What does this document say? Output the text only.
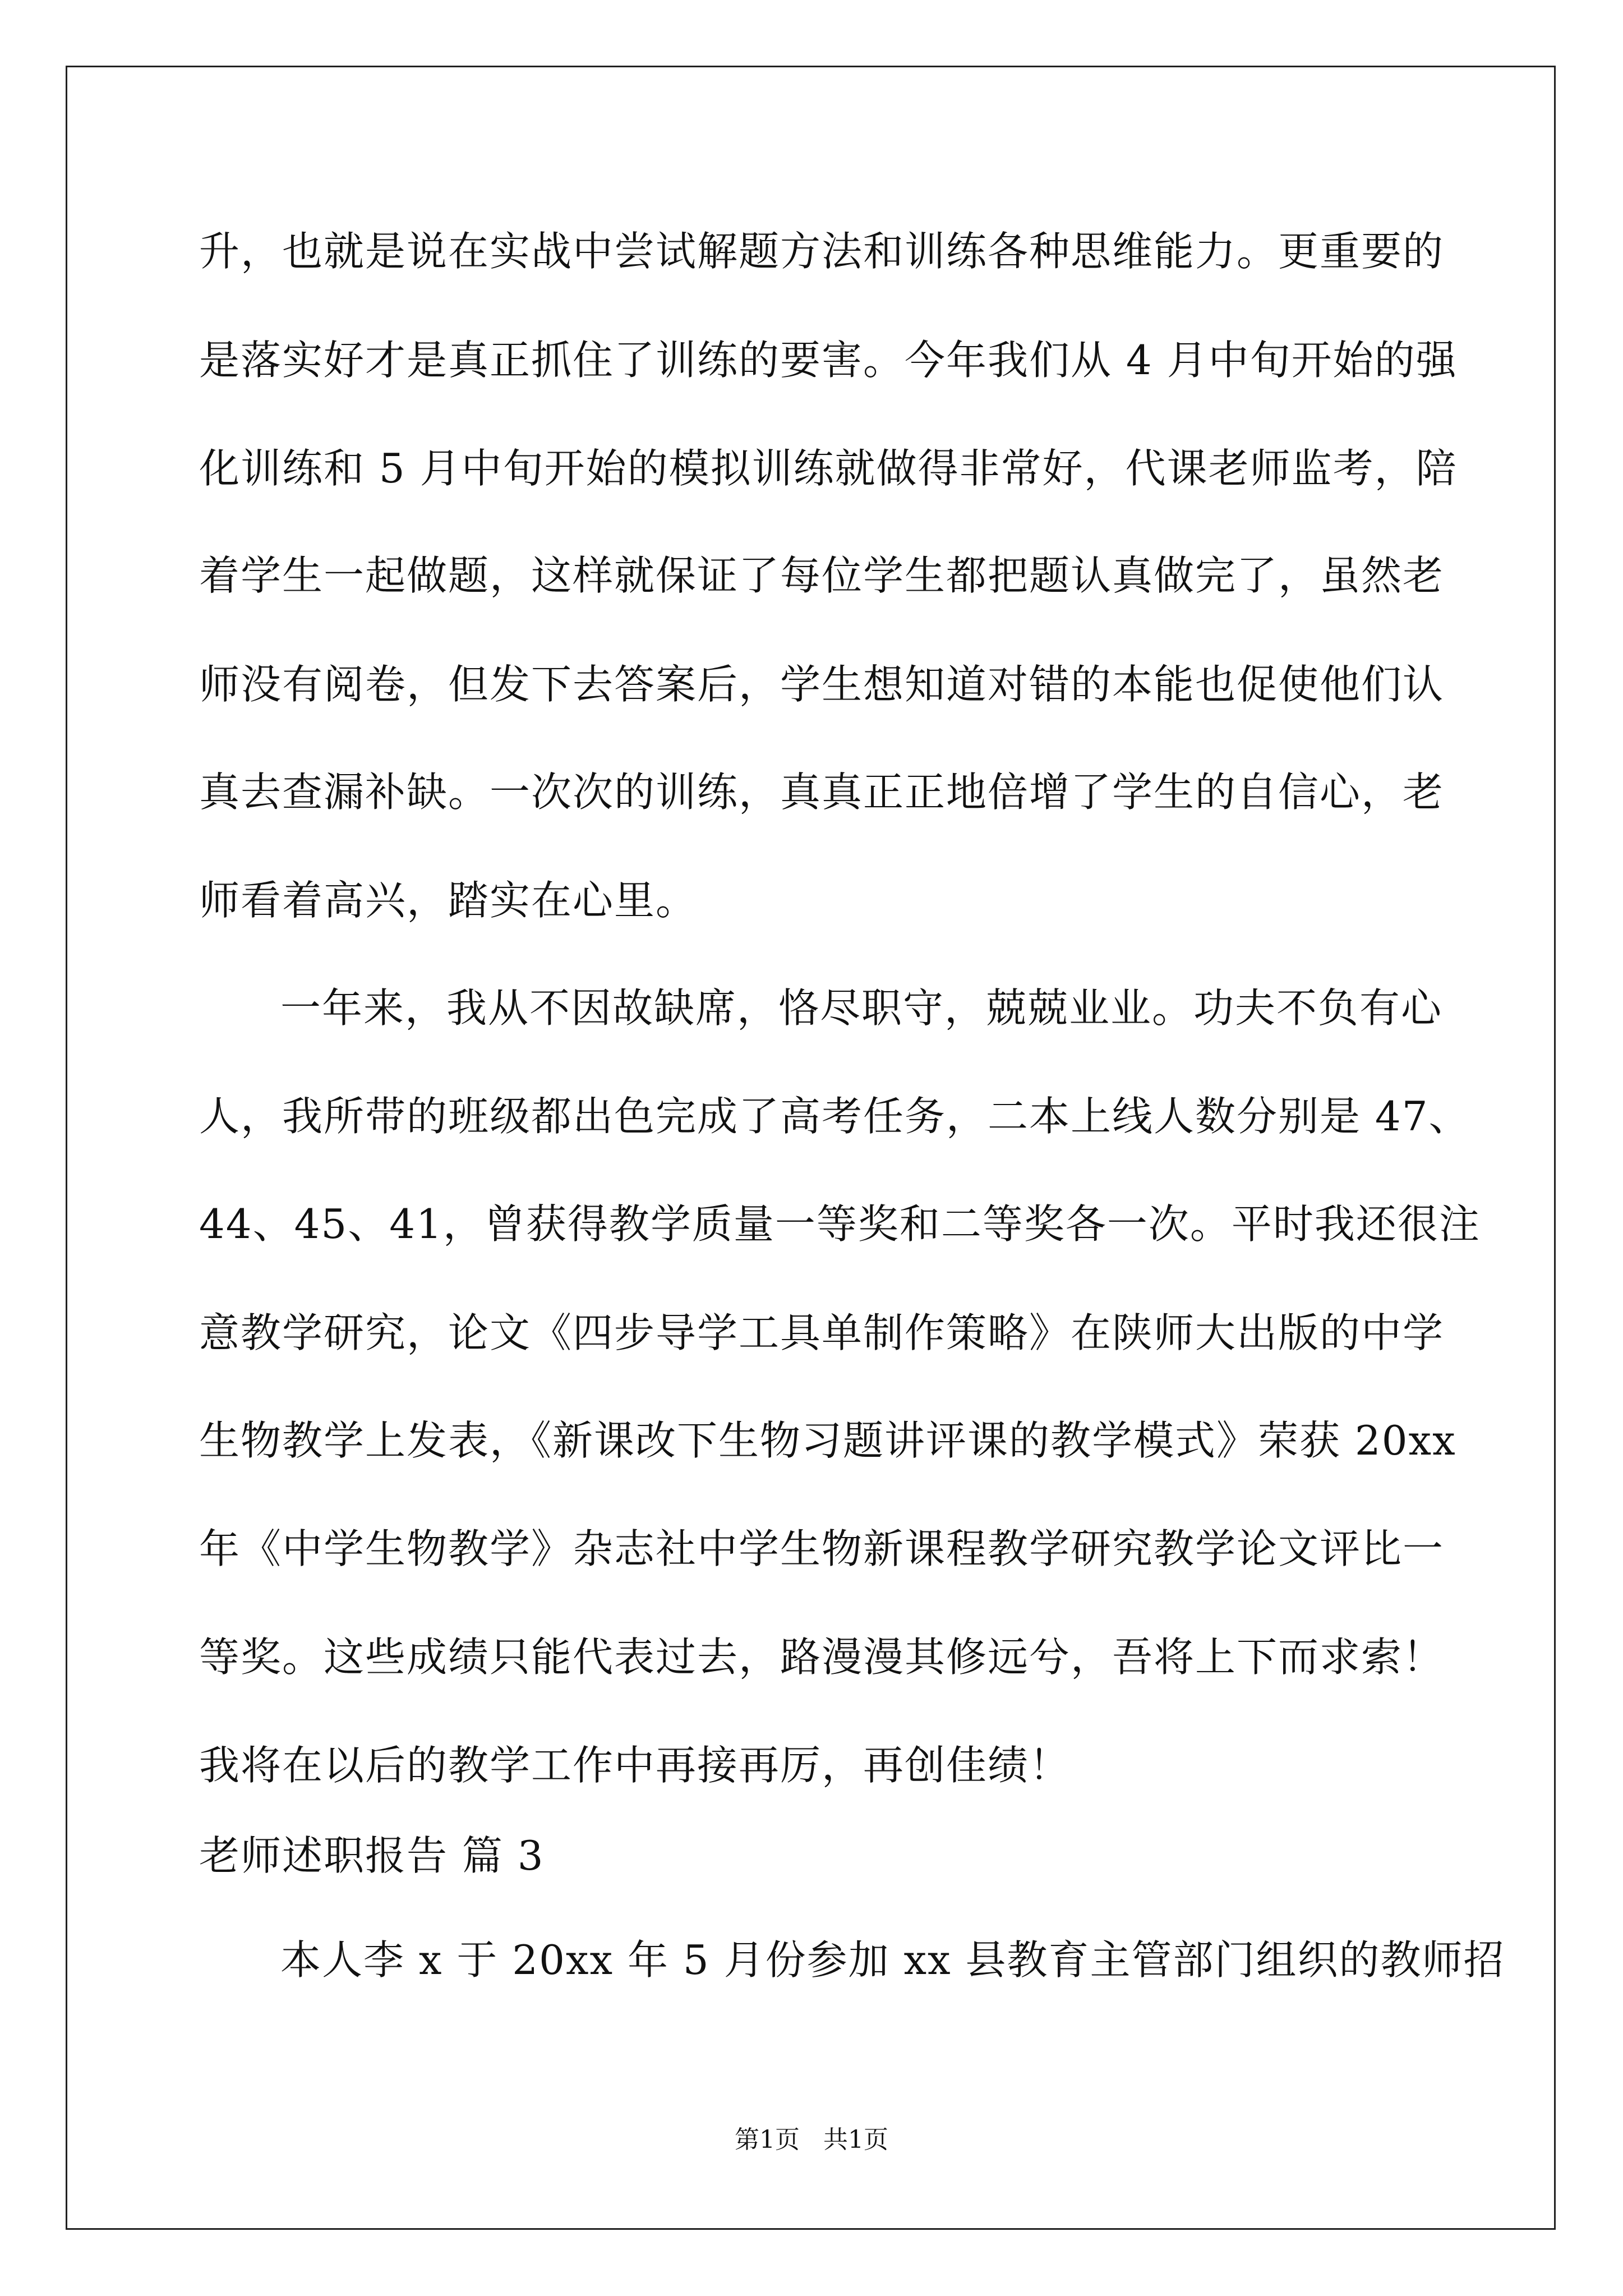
升，也就是说在实战中尝试解题方法和训练各种思维能力。更重要的
是落实好才是真正抓住了训练的要害。今年我们从 4 月中旬开始的强
化训练和 5 月中旬开始的模拟训练就做得非常好，代课老师监考，陪
着学生一起做题，这样就保证了每位学生都把题认真做完了，虽然老
师没有阅卷，但发下去答案后，学生想知道对错的本能也促使他们认
真去查漏补缺。一次次的训练，真真正正地倍增了学生的自信心，老
师看着高兴，踏实在心里。
一年来，我从不因故缺席，恪尽职守，兢兢业业。功夫不负有心
人，我所带的班级都出色完成了高考任务，二本上线人数分别是 47、
44、45、41，曾获得教学质量一等奖和二等奖各一次。平时我还很注
意教学研究，论文《四步导学工具单制作策略》在陕师大出版的中学
生物教学上发表，《新课改下生物习题讲评课的教学模式》荣获 20xx
年《中学生物教学》杂志社中学生物新课程教学研究教学论文评比一
等奖。这些成绩只能代表过去，路漫漫其修远兮，吾将上下而求索！
我将在以后的教学工作中再接再厉，再创佳绩！
老师述职报告 篇 3
本人李 x 于 20xx 年 5 月份参加 xx 县教育主管部门组织的教师招
第1页   共1页
